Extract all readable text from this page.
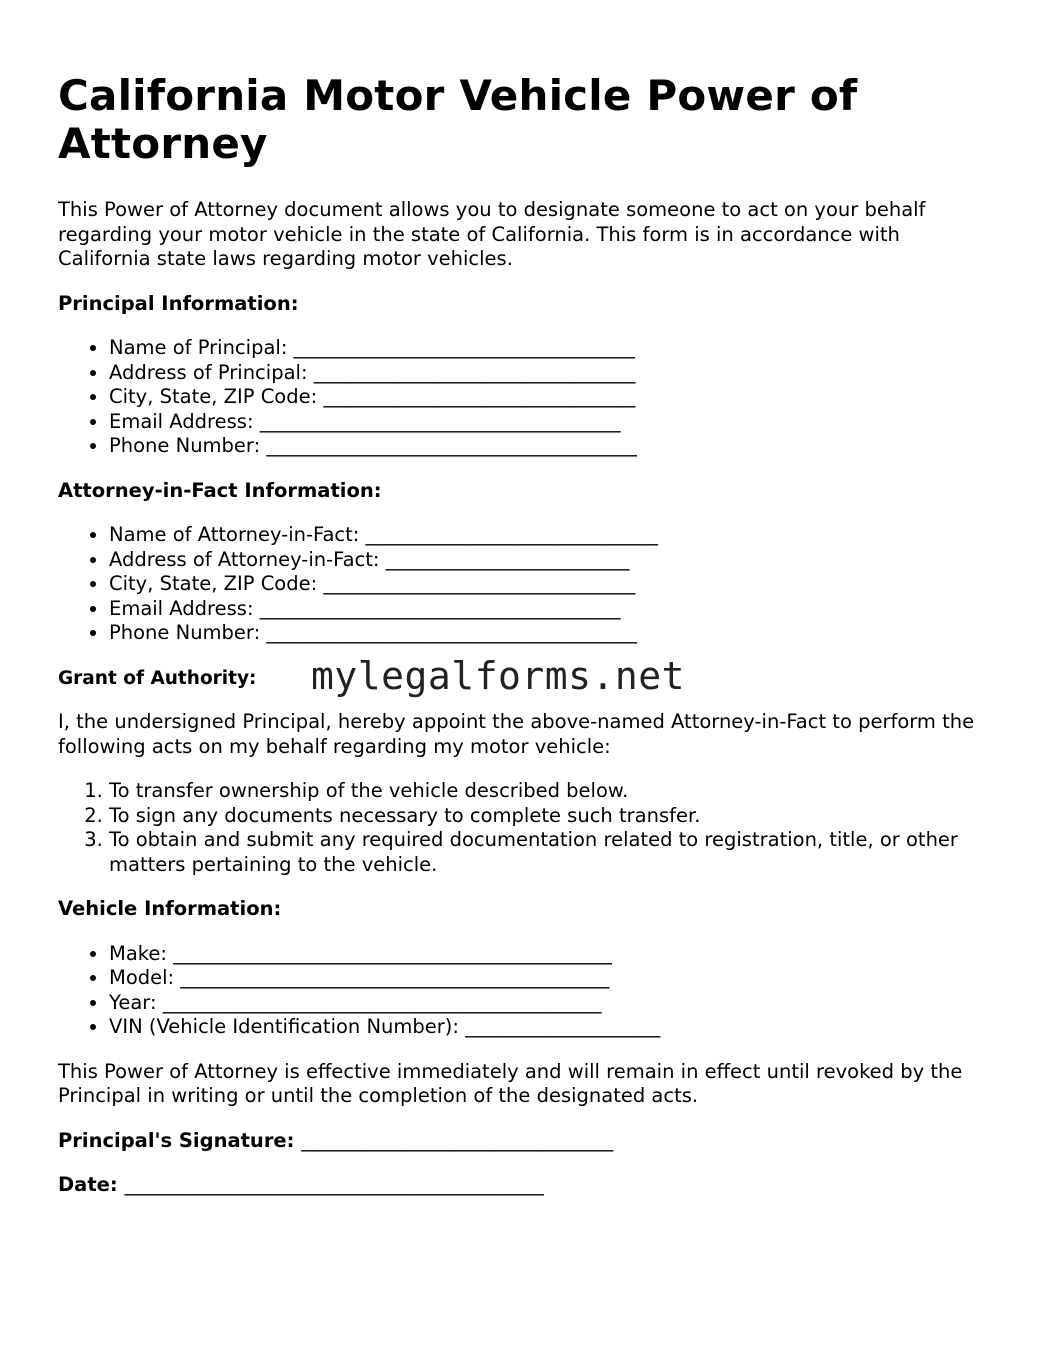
California Motor Vehicle Power of Attorney

This Power of Attorney document allows you to designate someone to act on your behalf regarding your motor vehicle in the state of California. This form is in accordance with California state laws regarding motor vehicles.

Principal Information:
• Name of Principal: ___________________________________
• Address of Principal: _________________________________
• City, State, ZIP Code: ________________________________
• Email Address: _____________________________________
• Phone Number: ______________________________________
Attorney-in-Fact Information:
• Name of Attorney-in-Fact: ______________________________
• Address of Attorney-in-Fact: _________________________
• City, State, ZIP Code: ________________________________
• Email Address: _____________________________________
• Phone Number: ______________________________________
Grant of Authority: mylegalforms.net

I, the undersigned Principal, hereby appoint the above-named Attorney-in-Fact to perform the following acts on my behalf regarding my motor vehicle:

1. To transfer ownership of the vehicle described below.
2. To sign any documents necessary to complete such transfer.
3. To obtain and submit any required documentation related to registration, title, or other matters pertaining to the vehicle.
Vehicle Information:
• Make: _____________________________________________
• Model: ____________________________________________
• Year: _____________________________________________
• VIN (Vehicle Identification Number): ____________________

This Power of Attorney is effective immediately and will remain in effect until revoked by the Principal in writing or until the completion of the designated acts.

Principal's Signature: ________________________________
Date: ___________________________________________
